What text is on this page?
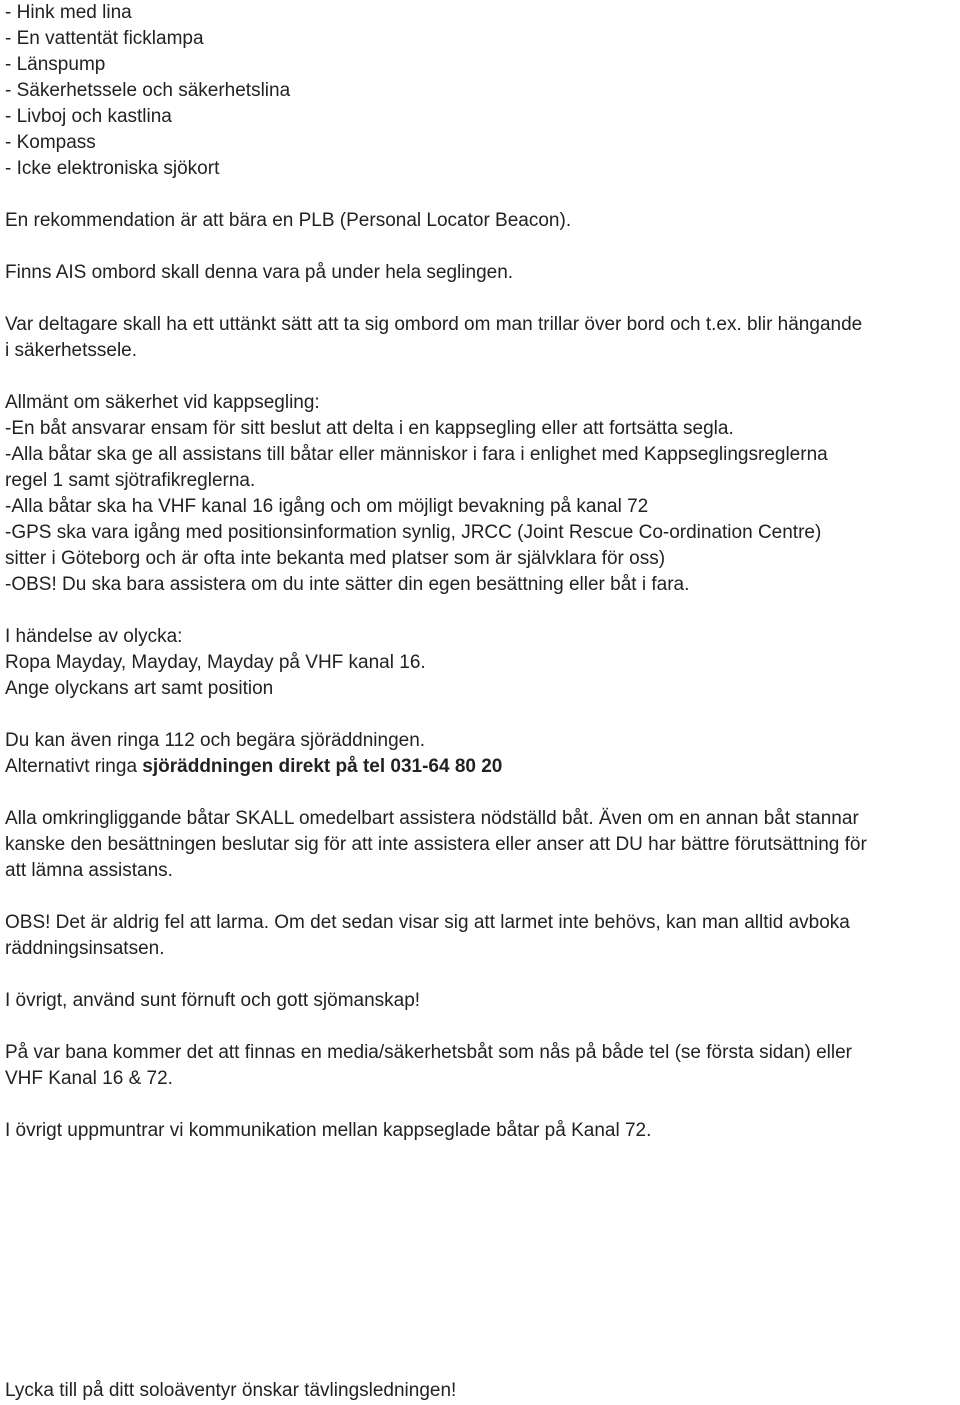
- Hink med lina
- En vattentät ficklampa
- Länspump
- Säkerhetssele och säkerhetslina
- Livboj och kastlina
- Kompass
- Icke elektroniska sjökort
En rekommendation är att bära en PLB (Personal Locator Beacon).
Finns AIS ombord skall denna vara på under hela seglingen.
Var deltagare skall ha ett uttänkt sätt att ta sig ombord om man trillar över bord och t.ex. blir hängande
i säkerhetssele.
Allmänt om säkerhet vid kappsegling:
-En båt ansvarar ensam för sitt beslut att delta i en kappsegling eller att fortsätta segla.
-Alla båtar ska ge all assistans till båtar eller människor i fara i enlighet med Kappseglingsreglerna
regel 1 samt sjötrafikreglerna.
-Alla båtar ska ha VHF kanal 16 igång och om möjligt bevakning på kanal 72
-GPS ska vara igång med positionsinformation synlig, JRCC (Joint Rescue Co-ordination Centre)
sitter i Göteborg och är ofta inte bekanta med platser som är självklara för oss)
-OBS! Du ska bara assistera om du inte sätter din egen besättning eller båt i fara.
I händelse av olycka:
Ropa Mayday, Mayday, Mayday på VHF kanal 16.
Ange olyckans art samt position
Du kan även ringa 112 och begära sjöräddningen.
Alternativt ringa sjöräddningen direkt på tel 031-64 80 20
Alla omkringliggande båtar SKALL omedelbart assistera nödställd båt. Även om en annan båt stannar
kanske den besättningen beslutar sig för att inte assistera eller anser att DU har bättre förutsättning för
att lämna assistans.
OBS! Det är aldrig fel att larma. Om det sedan visar sig att larmet inte behövs, kan man alltid avboka
räddningsinsatsen.
I övrigt, använd sunt förnuft och gott sjömanskap!
På var bana kommer det att finnas en media/säkerhetsbåt som nås på både tel (se första sidan) eller
VHF Kanal 16 & 72.
I övrigt uppmuntrar vi kommunikation mellan kappseglade båtar på Kanal 72.
Lycka till på ditt soloäventyr önskar tävlingsledningen!
